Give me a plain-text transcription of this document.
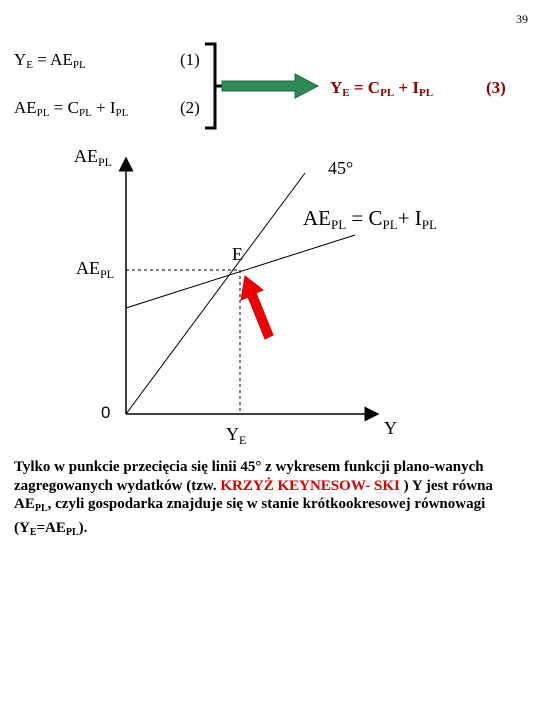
39
$Y_E = AE_{PL}$	(1)
$AE_{PL} = C_{PL} + I_{PL}$	(2)
$Y_E = C_{PL} + I_{PL}$	(3)
$AE_{PL}$	45°
$AE_{PL} = C_{PL}+ I_{PL}$
E
$AE_{PL}$
0
$Y_E$
Y
Tylko w punkcie przecięcia się linii 45° z wykresem funkcji plano-wanych zagregowanych wydatków (tzw. KRZYŻ KEYNESOW- SKI ) Y jest równa $AE_{PL}$, czyli gospodarka znajduje się w stanie krótkookresowej równowagi $(Y_E=AE_{PL})$.
